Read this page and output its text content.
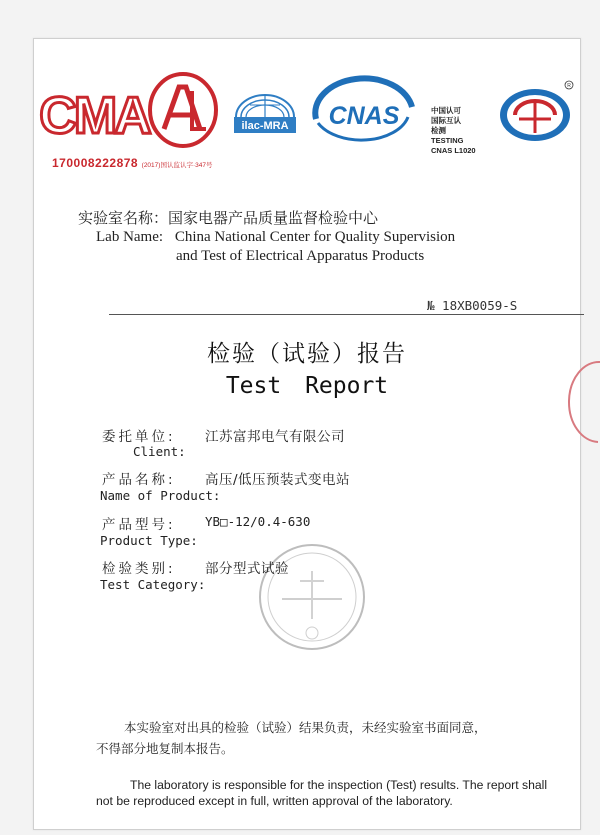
CMA
170008222878 (2017)国认监认字·347号
ilac-MRA CNAS	中国认可
国际互认
检测
TESTING
CNAS L1020
R
实验室名称：国家电器产品质量监督检验中心
Lab Name: China National Center for Quality Supervision
and Test of Electrical Apparatus Products
№ 18XB0059-S
检验（试验）报告
Test Report
委托单位: 江苏富邦电气有限公司
Client:
产品名称: 高压/低压预装式变电站
Name of Product:
产品型号: YB□-12/0.4-630
Product Type:
检验类别: 部分型式试验
Test Category:
本实验室对出具的检验（试验）结果负责，未经实验室书面同意，
不得部分地复制本报告。
The laboratory is responsible for the inspection (Test) results. The report shall
not be reproduced except in full, written approval of the laboratory.
